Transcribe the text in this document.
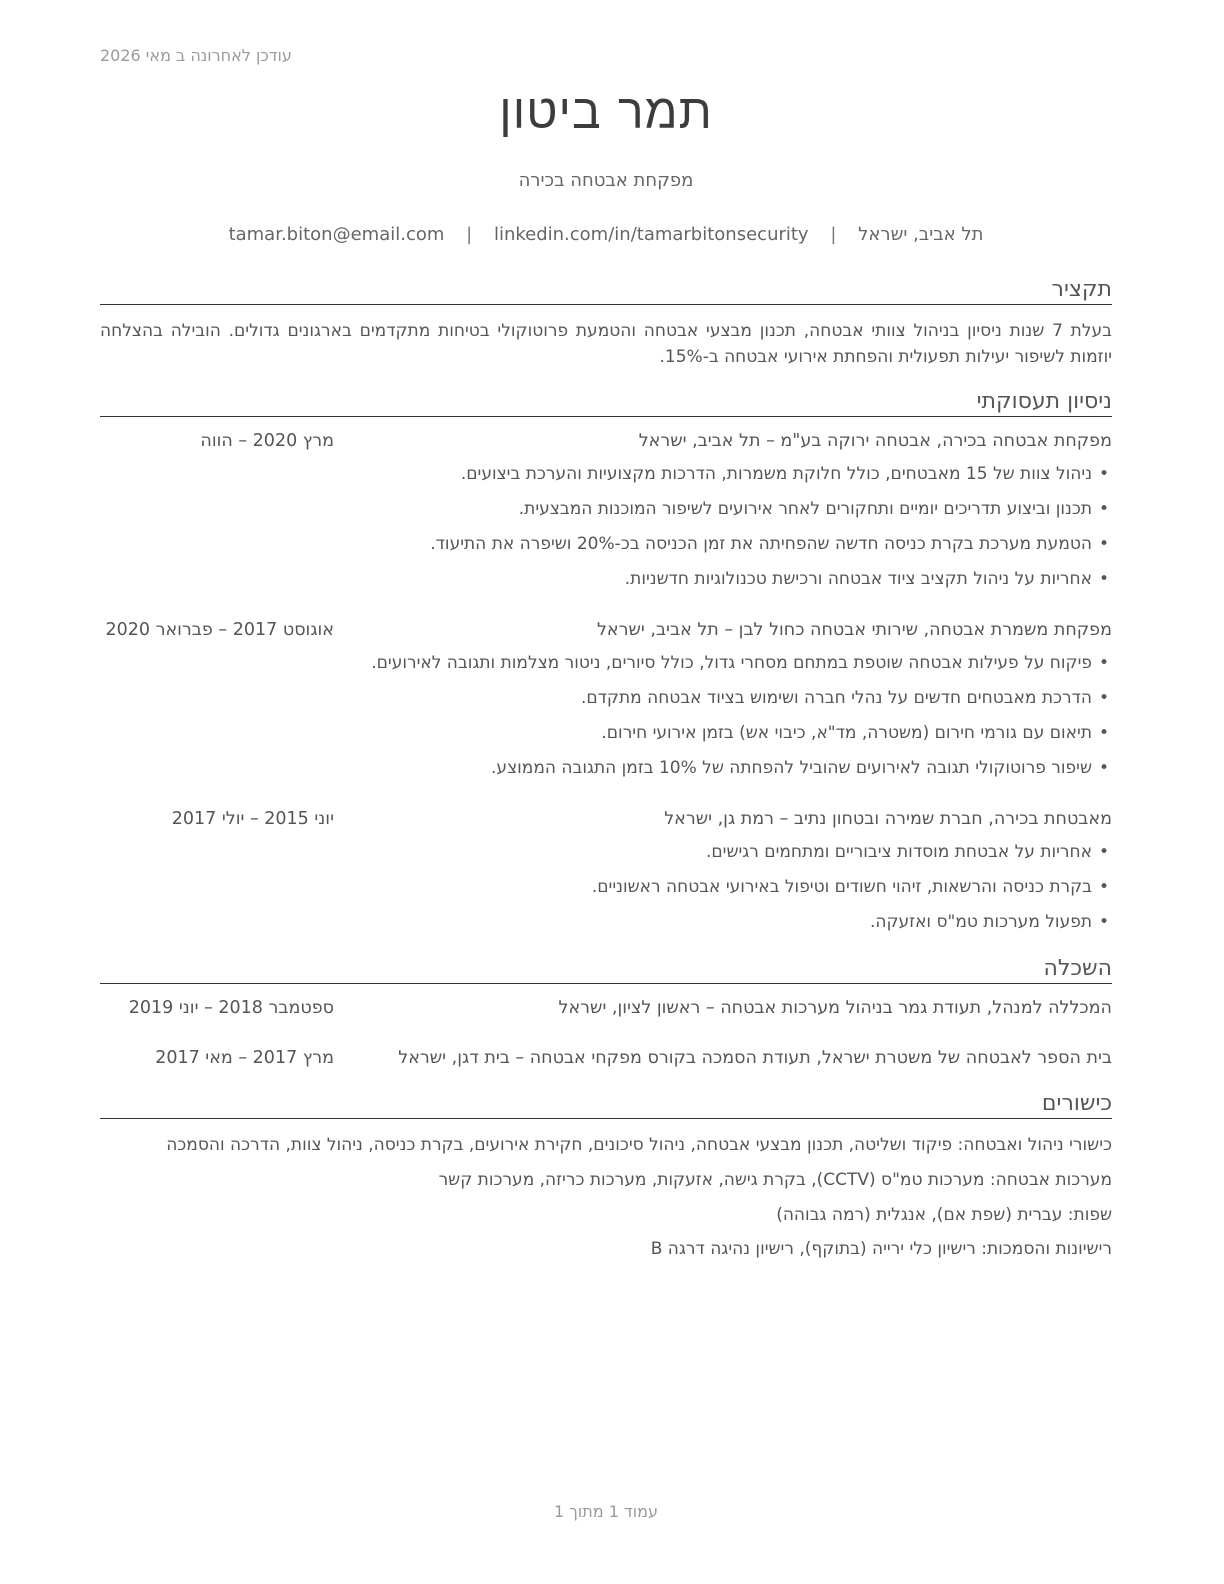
עודכן לאחרונה ב מאי 2026
תמר ביטון
מפקחת אבטחה בכירה
תל אביב, ישראל | tamar.biton@email.com | linkedin.com/in/tamarbitonsecurity
תקציר
בעלת 7 שנות ניסיון בניהול צוותי אבטחה, תכנון מבצעי אבטחה והטמעת פרוטוקולי בטיחות מתקדמים בארגונים גדולים. הובילה בהצלחה יוזמות לשיפור יעילות תפעולית והפחתת אירועי אבטחה ב-15%.
ניסיון תעסוקתי
מפקחת אבטחה בכירה, אבטחה ירוקה בע"מ – תל אביב, ישראל
מרץ 2020 – הווה
•ניהול צוות של 15 מאבטחים, כולל חלוקת משמרות, הדרכות מקצועיות והערכת ביצועים.
•תכנון וביצוע תדריכים יומיים ותחקורים לאחר אירועים לשיפור המוכנות המבצעית.
•הטמעת מערכת בקרת כניסה חדשה שהפחיתה את זמן הכניסה בכ-20% ושיפרה את התיעוד.
•אחריות על ניהול תקציב ציוד אבטחה ורכישת טכנולוגיות חדשניות.
מפקחת משמרת אבטחה, שירותי אבטחה כחול לבן – תל אביב, ישראל
אוגוסט 2017 – פברואר 2020
•פיקוח על פעילות אבטחה שוטפת במתחם מסחרי גדול, כולל סיורים, ניטור מצלמות ותגובה לאירועים.
•הדרכת מאבטחים חדשים על נהלי חברה ושימוש בציוד אבטחה מתקדם.
•תיאום עם גורמי חירום (משטרה, מד"א, כיבוי אש) בזמן אירועי חירום.
•שיפור פרוטוקולי תגובה לאירועים שהוביל להפחתה של 10% בזמן התגובה הממוצע.
מאבטחת בכירה, חברת שמירה ובטחון נתיב – רמת גן, ישראל
יוני 2015 – יולי 2017
•אחריות על אבטחת מוסדות ציבוריים ומתחמים רגישים.
•בקרת כניסה והרשאות, זיהוי חשודים וטיפול באירועי אבטחה ראשוניים.
•תפעול מערכות טמ"ס ואזעקה.
השכלה
המכללה למנהל, תעודת גמר בניהול מערכות אבטחה – ראשון לציון, ישראל
ספטמבר 2018 – יוני 2019
בית הספר לאבטחה של משטרת ישראל, תעודת הסמכה בקורס מפקחי אבטחה – בית דגן, ישראל
מרץ 2017 – מאי 2017
כישורים
כישורי ניהול ואבטחה: פיקוד ושליטה, תכנון מבצעי אבטחה, ניהול סיכונים, חקירת אירועים, בקרת כניסה, ניהול צוות, הדרכה והסמכה
מערכות אבטחה: מערכות טמ"ס (CCTV), בקרת גישה, אזעקות, מערכות כריזה, מערכות קשר
שפות: עברית (שפת אם), אנגלית (רמה גבוהה)
רישיונות והסמכות: רישיון כלי ירייה (בתוקף), רישיון נהיגה דרגה B
עמוד 1 מתוך 1
